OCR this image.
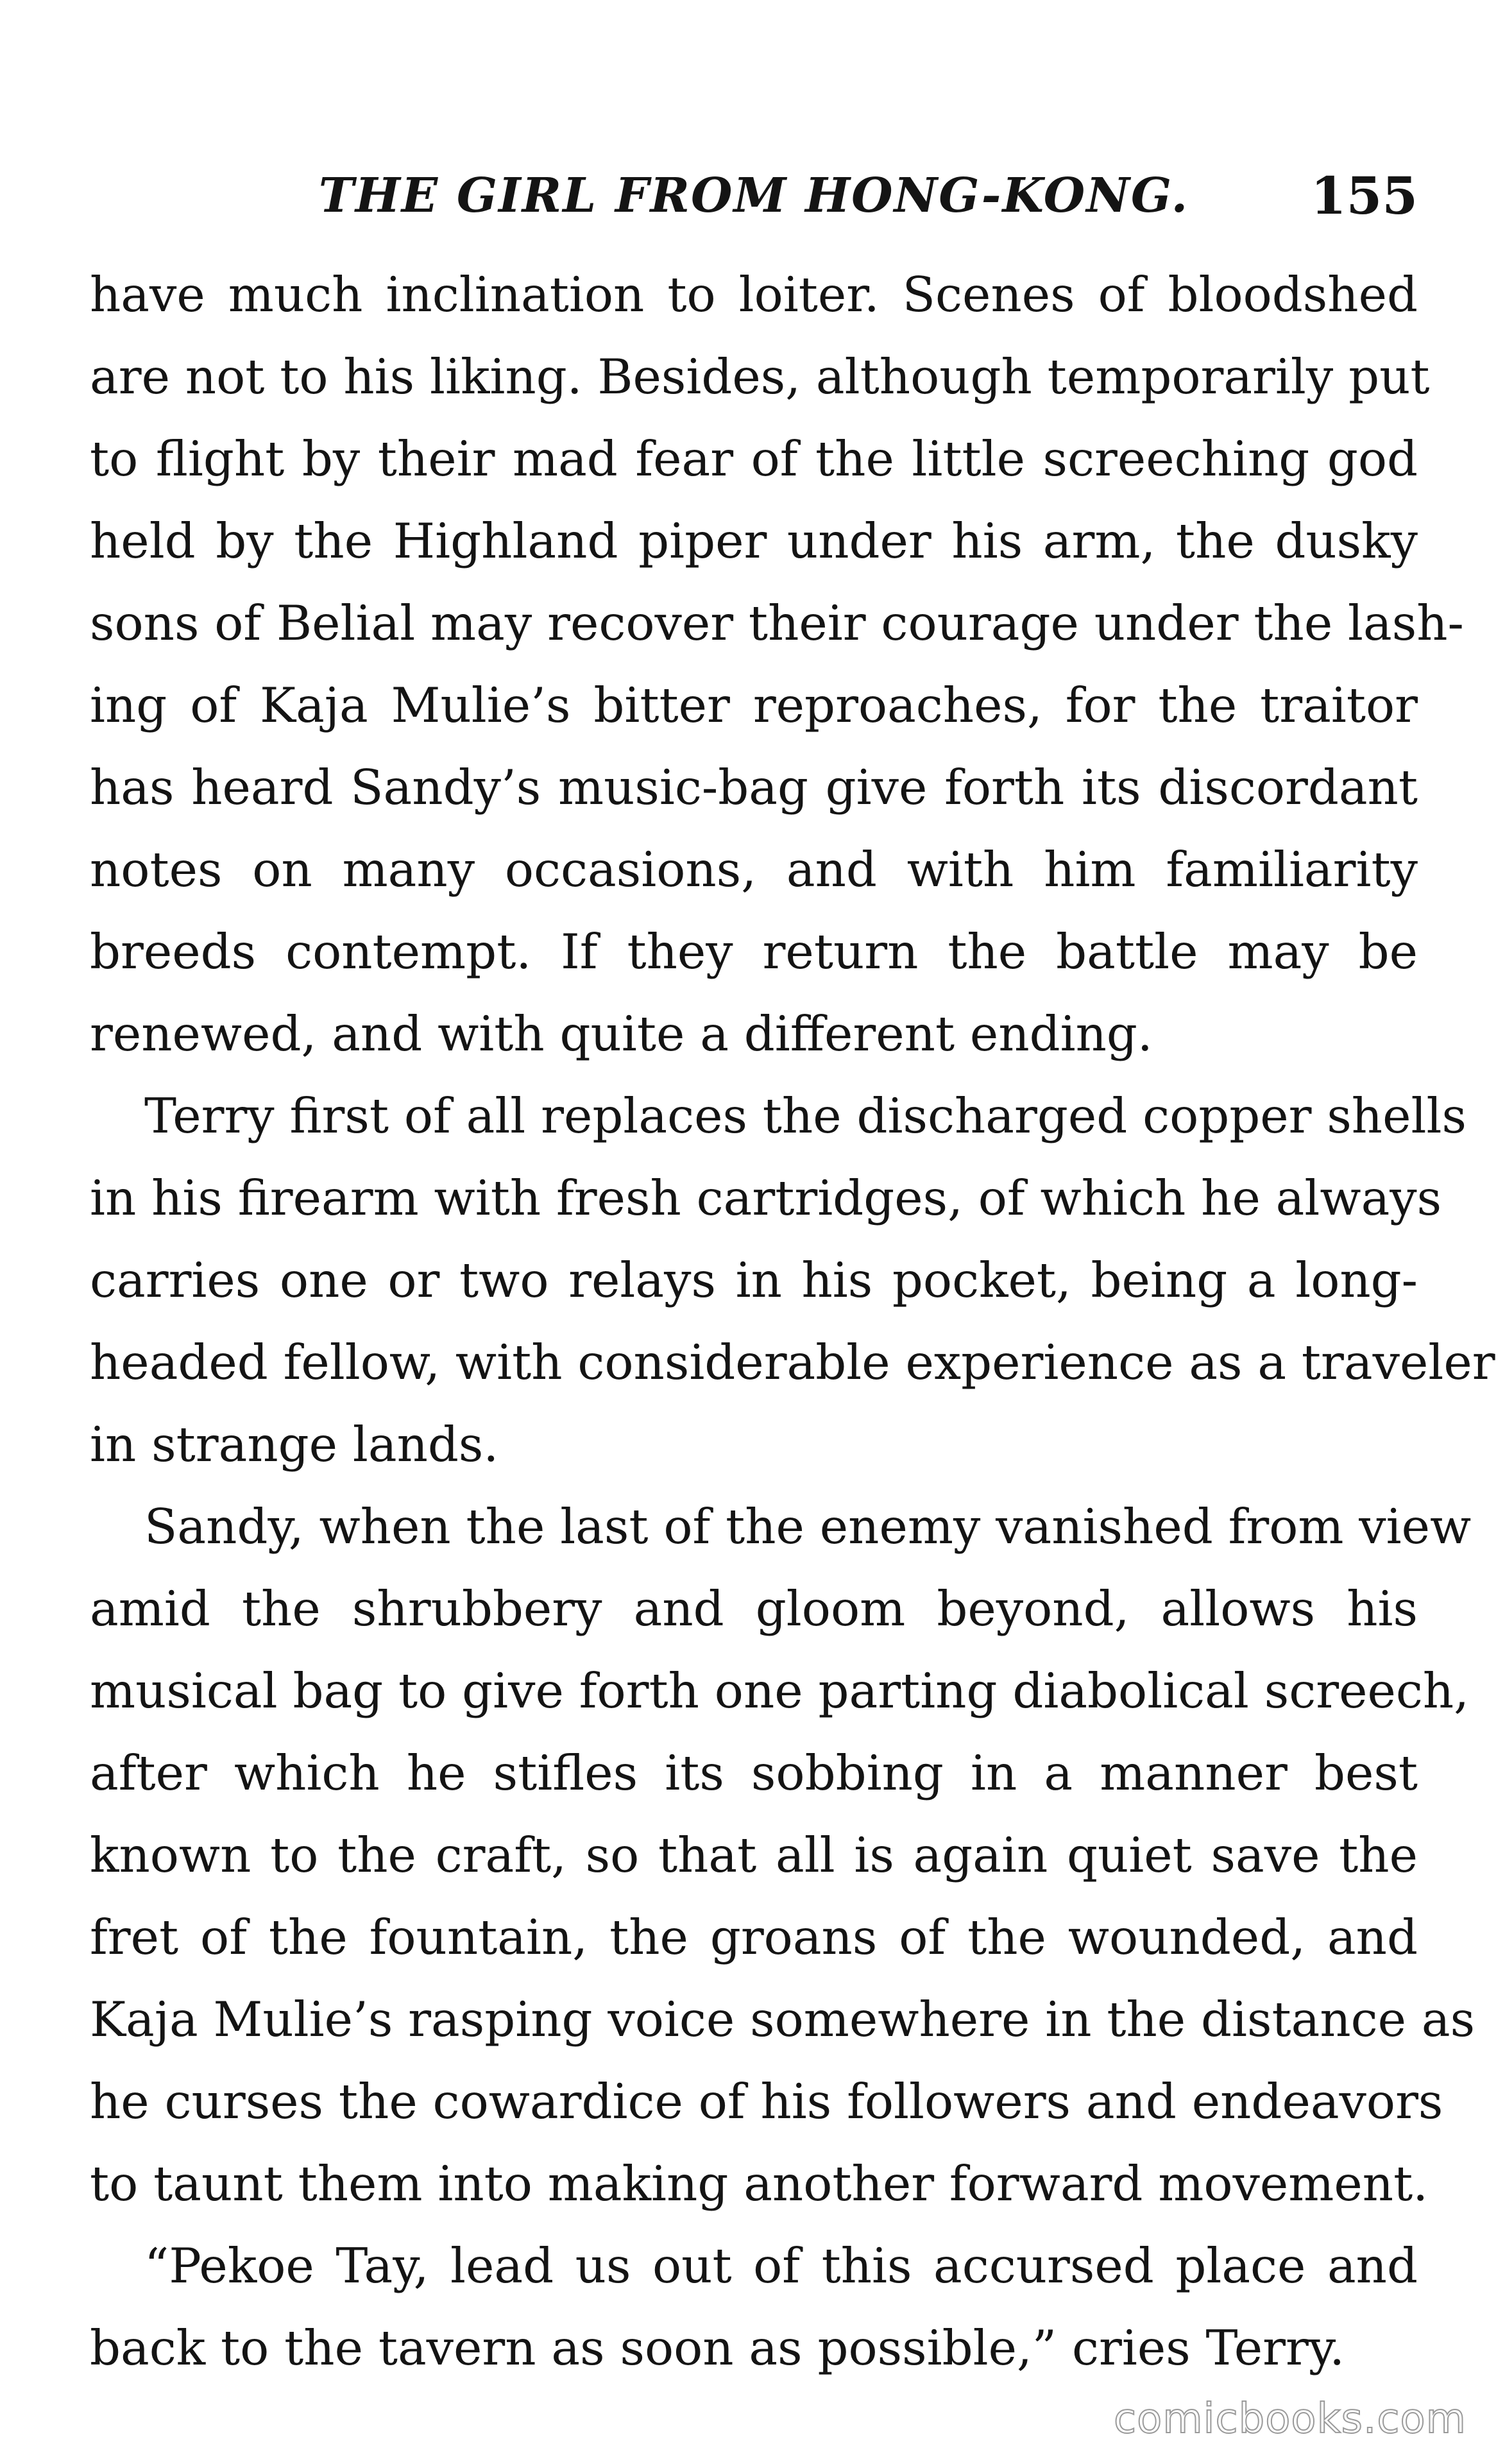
THE GIRL FROM HONG-KONG.	155
have much inclination to loiter. Scenes of bloodshed
are not to his liking. Besides, although temporarily put
to flight by their mad fear of the little screeching god
held by the Highland piper under his arm, the dusky
sons of Belial may recover their courage under the lash-
ing of Kaja Mulie’s bitter reproaches, for the traitor
has heard Sandy’s music-bag give forth its discordant
notes on many occasions, and with him familiarity
breeds contempt. If they return the battle may be
renewed, and with quite a different ending.
Terry first of all replaces the discharged copper shells
in his firearm with fresh cartridges, of which he always
carries one or two relays in his pocket, being a long-
headed fellow, with considerable experience as a traveler
in strange lands.
Sandy, when the last of the enemy vanished from view
amid the shrubbery and gloom beyond, allows his
musical bag to give forth one parting diabolical screech,
after which he stifles its sobbing in a manner best
known to the craft, so that all is again quiet save the
fret of the fountain, the groans of the wounded, and
Kaja Mulie’s rasping voice somewhere in the distance as
he curses the cowardice of his followers and endeavors
to taunt them into making another forward movement.
“Pekoe Tay, lead us out of this accursed place and
back to the tavern as soon as possible,” cries Terry.
comicbooks.com
